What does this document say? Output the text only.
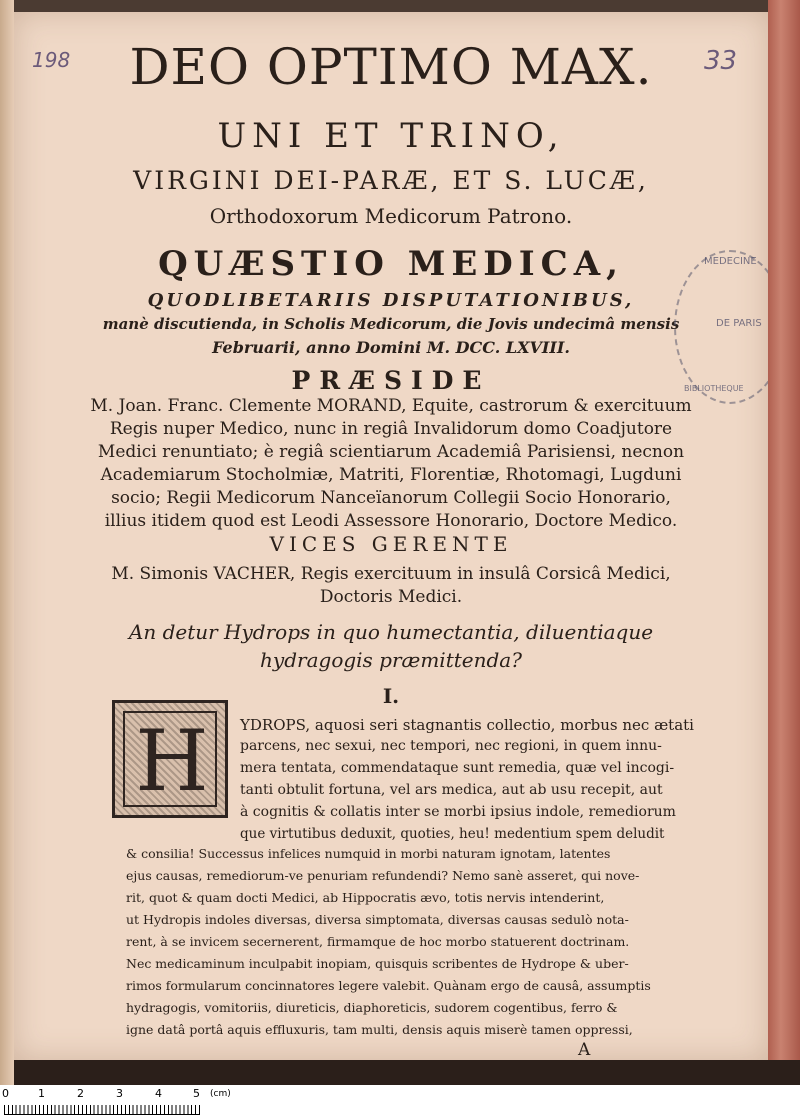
198	33
DEO OPTIMO MAX.
UNI ET TRINO,
VIRGINI DEI-PARÆ, ET S. LUCÆ,
Orthodoxorum Medicorum Patrono.
QUÆSTIO MEDICA,
QUODLIBETARIIS DISPUTATIONIBUS,
manè discutienda, in Scholis Medicorum, die Jovis undecimâ mensis
Februarii, anno Domini M. DCC. LXVIII.
PRÆSIDE
M. Joan. Franc. Clemente MORAND, Equite, castrorum & exercituum
Regis nuper Medico, nunc in regiâ Invalidorum domo Coadjutore
Medici renuntiato; è regiâ scientiarum Academiâ Parisiensi, necnon
Academiarum Stocholmiæ, Matriti, Florentiæ, Rhotomagi, Lugduni
socio; Regii Medicorum Nanceïanorum Collegii Socio Honorario,
illius itidem quod est Leodi Assessore Honorario, Doctore Medico.
VICES GERENTE
M. Simonis VACHER, Regis exercituum in insulâ Corsicâ Medici,
Doctoris Medici.
An detur Hydrops in quo humectantia, diluentiaque
hydragogis præmittenda?
I.
MEDECINE
DE PARIS
BIBLIOTHEQUE
H	YDROPS, aquosi seri stagnantis collectio, morbus nec ætati
parcens, nec sexui, nec tempori, nec regioni, in quem innu-
mera tentata, commendataque sunt remedia, quæ vel incogi-
tanti obtulit fortuna, vel ars medica, aut ab usu recepit, aut
à cognitis & collatis inter se morbi ipsius indole, remediorum
que virtutibus deduxit, quoties, heu! medentium spem deludit
& consilia! Successus infelices numquid in morbi naturam ignotam, latentes
ejus causas, remediorum-ve penuriam refundendi? Nemo sanè asseret, qui nove-
rit, quot & quam docti Medici, ab Hippocratis ævo, totis nervis intenderint,
ut Hydropis indoles diversas, diversa simptomata, diversas causas sedulò nota-
rent, à se invicem secernerent, firmamque de hoc morbo statuerent doctrinam.
Nec medicaminum inculpabit inopiam, quisquis scribentes de Hydrope & uber-
rimos formularum concinnatores legere valebit. Quànam ergo de causâ, assumptis
hydragogis, vomitoriis, diureticis, diaphoreticis, sudorem cogentibus, ferro &
igne datâ portâ aquis effluxuris, tam multi, densis aquis miserè tamen oppressi,
A
0	1	2	3	4	5 (cm)
